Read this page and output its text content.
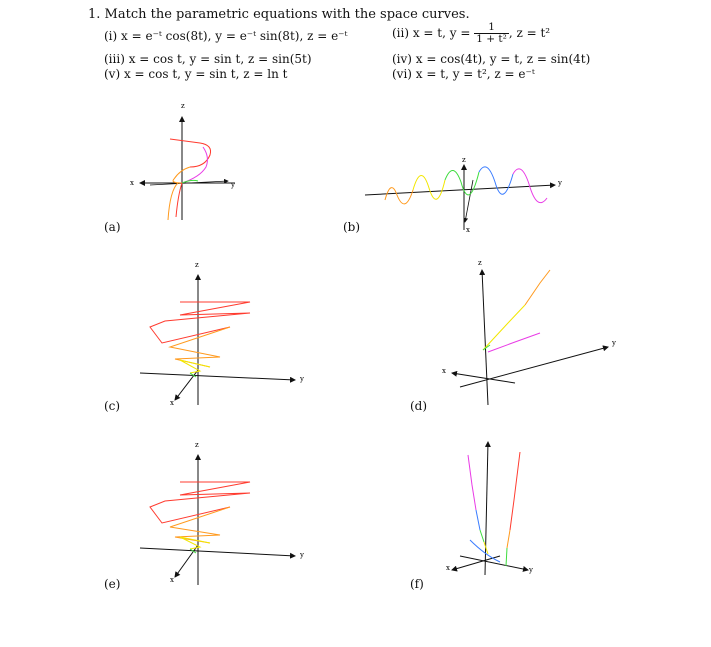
1. Match the parametric equations with the space curves.
(i) x = e⁻ᵗ cos(8t), y = e⁻ᵗ sin(8t), z = e⁻ᵗ	(ii) x = t, $y = \frac{1}{\text{1 + t²}}$ , z = t²
(iii) x = cos t, y = sin t, z = sin(5t)	(iv) x = cos(4t), y = t, z = sin(4t)
(v) x = cos t, y = sin t, z = ln t	(vi) x = t, y = t², z = e⁻ᵗ
(a)	(b)
(c)	(d)
(e)	(f)
z
x	y
z
y
x
z
y
x
z
y
x
z
y
x
y
x
